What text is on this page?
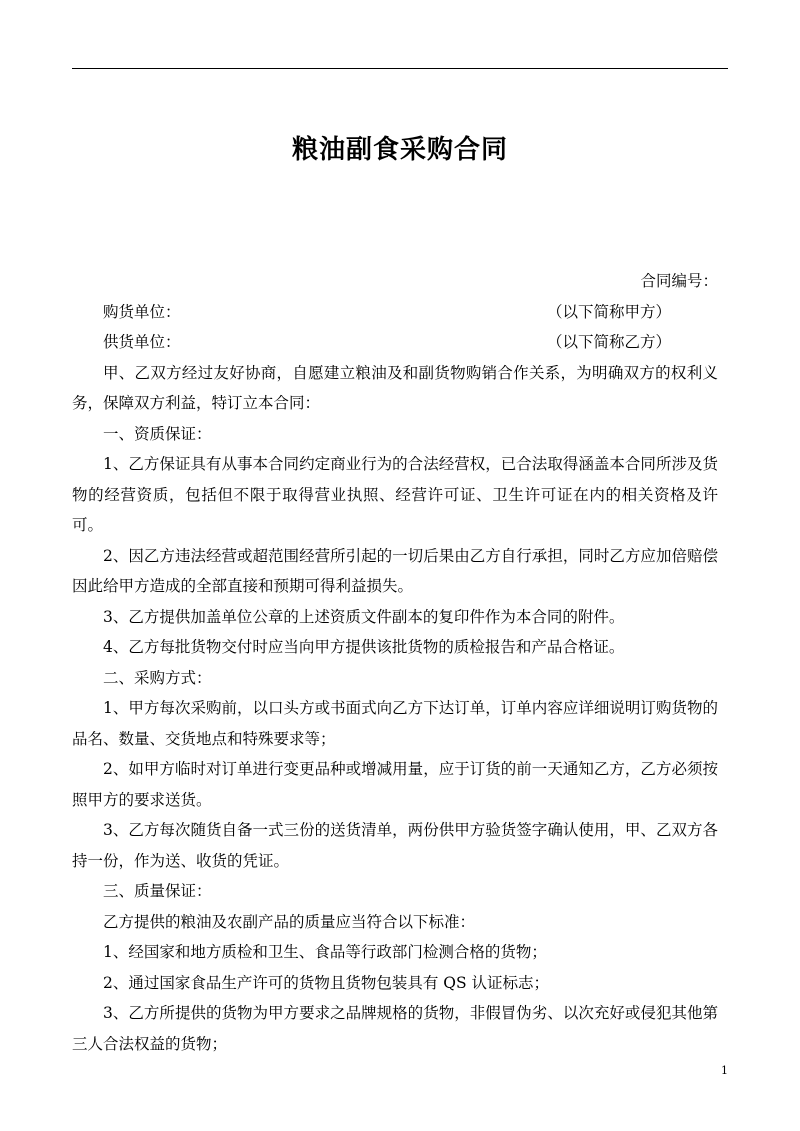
粮油副食采购合同

合同编号：

购货单位：	（以下简称甲方）
供货单位：	（以下简称乙方）

甲、乙双方经过友好协商，自愿建立粮油及和副货物购销合作关系，为明确双方的权利义务，保障双方利益，特订立本合同：

一、资质保证：

1、乙方保证具有从事本合同约定商业行为的合法经营权，已合法取得涵盖本合同所涉及货物的经营资质，包括但不限于取得营业执照、经营许可证、卫生许可证在内的相关资格及许可。

2、因乙方违法经营或超范围经营所引起的一切后果由乙方自行承担，同时乙方应加倍赔偿因此给甲方造成的全部直接和预期可得利益损失。

3、乙方提供加盖单位公章的上述资质文件副本的复印件作为本合同的附件。

4、乙方每批货物交付时应当向甲方提供该批货物的质检报告和产品合格证。

二、采购方式：

1、甲方每次采购前，以口头方或书面式向乙方下达订单，订单内容应详细说明订购货物的品名、数量、交货地点和特殊要求等；

2、如甲方临时对订单进行变更品种或增减用量，应于订货的前一天通知乙方，乙方必须按照甲方的要求送货。

3、乙方每次随货自备一式三份的送货清单，两份供甲方验货签字确认使用，甲、乙双方各持一份，作为送、收货的凭证。

三、质量保证：

乙方提供的粮油及农副产品的质量应当符合以下标准：

1、经国家和地方质检和卫生、食品等行政部门检测合格的货物；

2、通过国家食品生产许可的货物且货物包装具有 QS 认证标志；

3、乙方所提供的货物为甲方要求之品牌规格的货物，非假冒伪劣、以次充好或侵犯其他第三人合法权益的货物；

1
